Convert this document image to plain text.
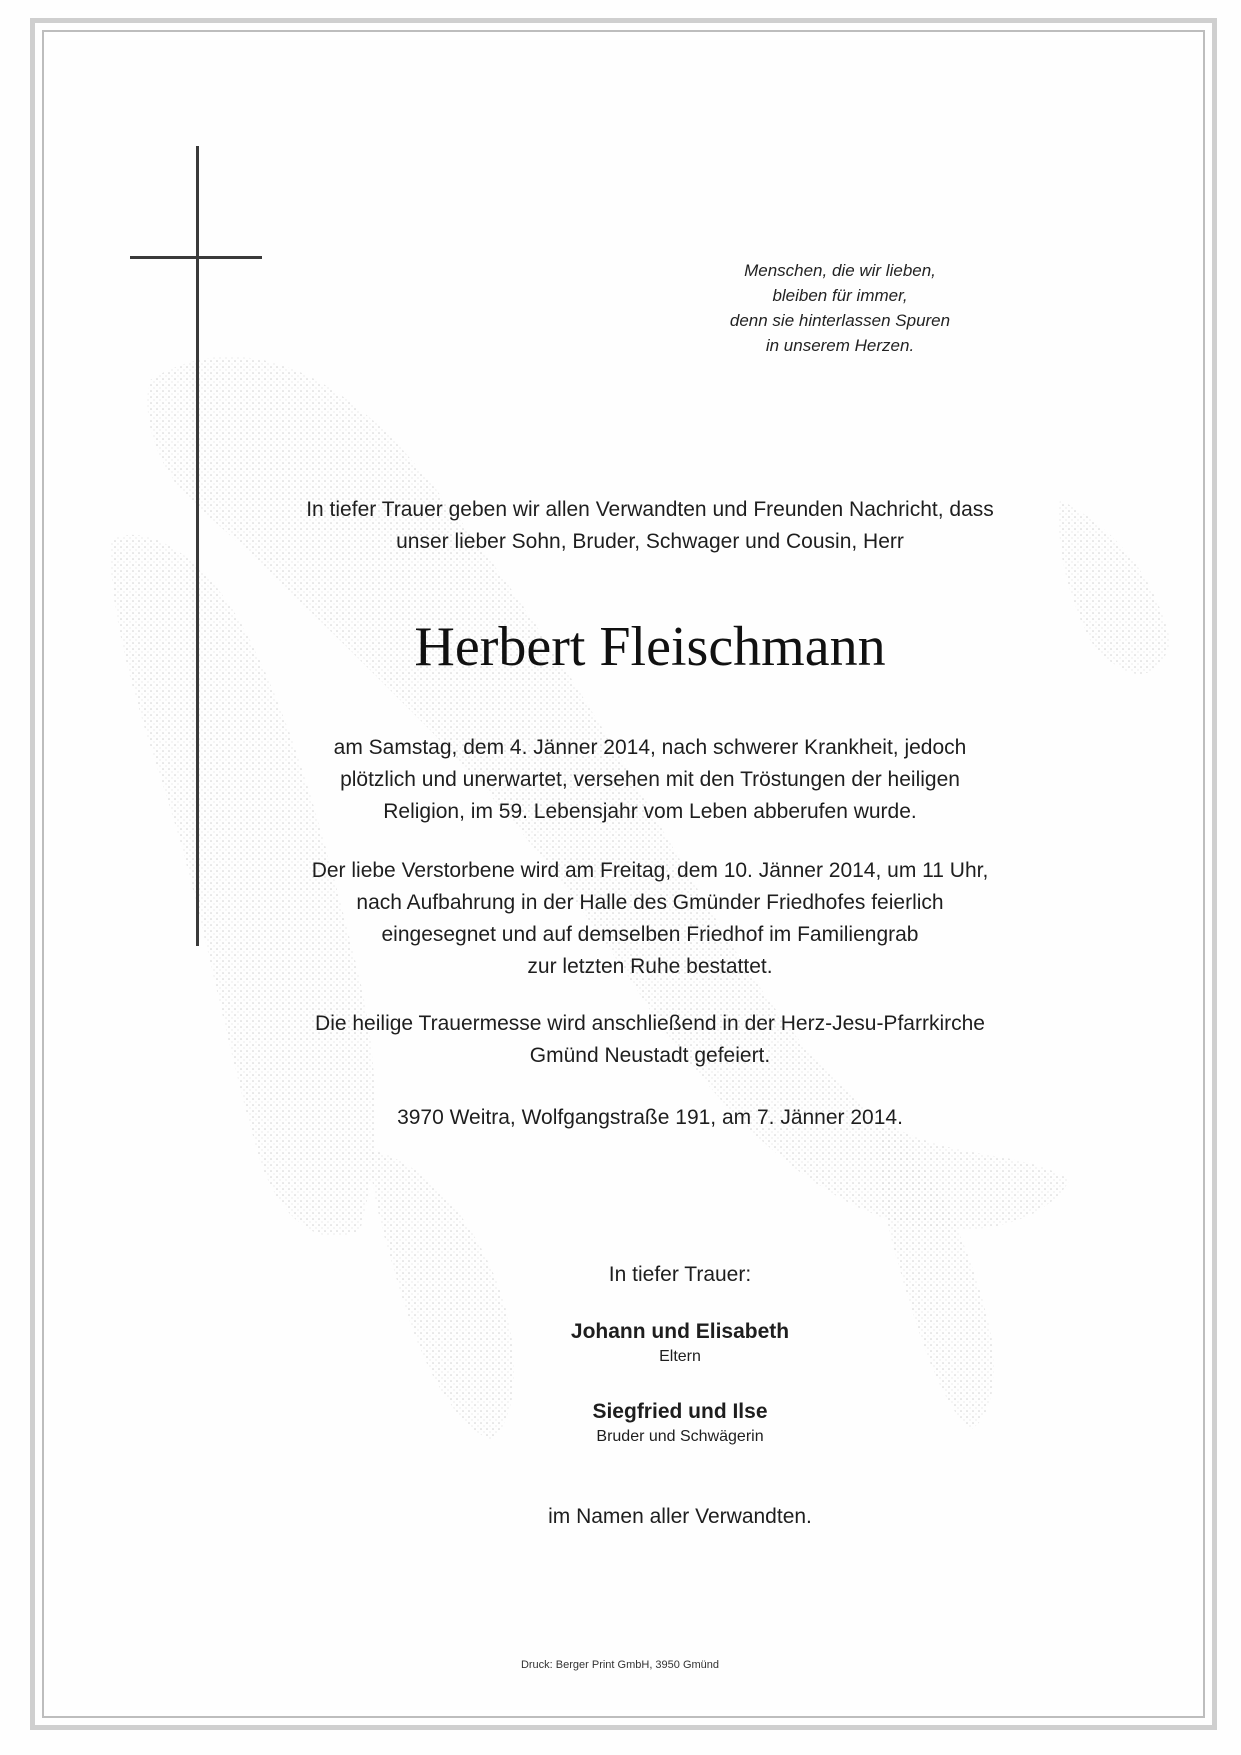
Menschen, die wir lieben,
bleiben für immer,
denn sie hinterlassen Spuren
in unserem Herzen.
In tiefer Trauer geben wir allen Verwandten und Freunden Nachricht, dass
unser lieber Sohn, Bruder, Schwager und Cousin, Herr
Herbert Fleischmann
am Samstag, dem 4. Jänner 2014, nach schwerer Krankheit, jedoch
plötzlich und unerwartet, versehen mit den Tröstungen der heiligen
Religion, im 59. Lebensjahr vom Leben abberufen wurde.
Der liebe Verstorbene wird am Freitag, dem 10. Jänner 2014, um 11 Uhr,
nach Aufbahrung in der Halle des Gmünder Friedhofes feierlich
eingesegnet und auf demselben Friedhof im Familiengrab
zur letzten Ruhe bestattet.
Die heilige Trauermesse wird anschließend in der Herz-Jesu-Pfarrkirche
Gmünd Neustadt gefeiert.
3970 Weitra, Wolfgangstraße 191, am 7. Jänner 2014.
In tiefer Trauer:
Johann und Elisabeth
Eltern
Siegfried und Ilse
Bruder und Schwägerin
im Namen aller Verwandten.
Druck: Berger Print GmbH, 3950 Gmünd
